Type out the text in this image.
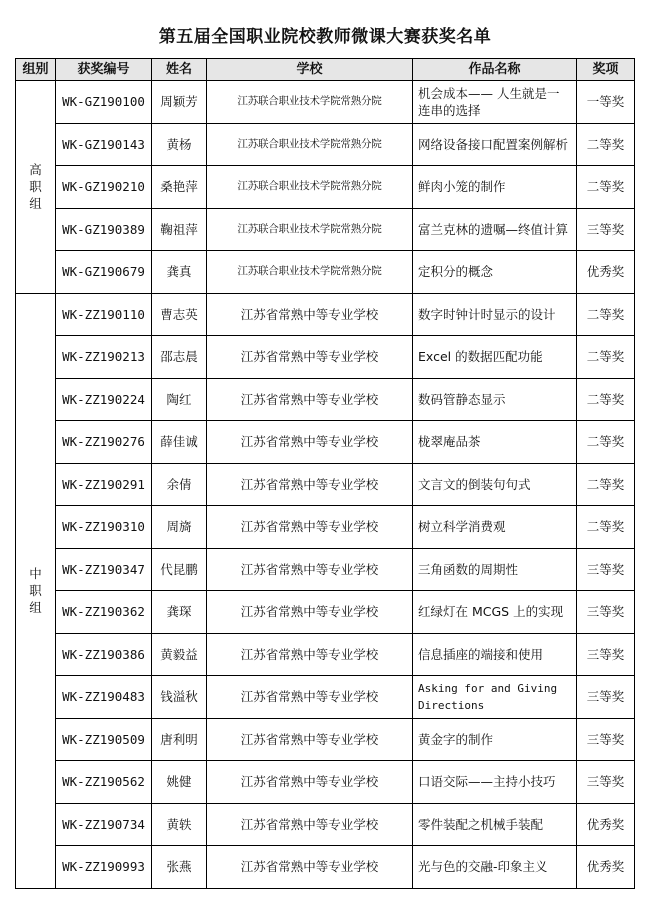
第五届全国职业院校教师微课大赛获奖名单
组别	获奖编号	姓名	学校	作品名称	奖项
高职组	WK-GZ190100	周颖芳	江苏联合职业技术学院常熟分院	机会成本—— 人生就是一连串的选择	一等奖
	WK-GZ190143	黄杨	江苏联合职业技术学院常熟分院	网络设备接口配置案例解析	二等奖
	WK-GZ190210	桑艳萍	江苏联合职业技术学院常熟分院	鲜肉小笼的制作	二等奖
	WK-GZ190389	鞠祖萍	江苏联合职业技术学院常熟分院	富兰克林的遗嘱—终值计算	三等奖
	WK-GZ190679	龚真	江苏联合职业技术学院常熟分院	定积分的概念	优秀奖
中职组	WK-ZZ190110	曹志英	江苏省常熟中等专业学校	数字时钟计时显示的设计	二等奖
	WK-ZZ190213	邵志晨	江苏省常熟中等专业学校	Excel 的数据匹配功能	二等奖
	WK-ZZ190224	陶红	江苏省常熟中等专业学校	数码管静态显示	二等奖
	WK-ZZ190276	薛佳诚	江苏省常熟中等专业学校	栊翠庵品茶	二等奖
	WK-ZZ190291	余倩	江苏省常熟中等专业学校	文言文的倒装句句式	二等奖
	WK-ZZ190310	周旖	江苏省常熟中等专业学校	树立科学消费观	二等奖
	WK-ZZ190347	代昆鹏	江苏省常熟中等专业学校	三角函数的周期性	三等奖
	WK-ZZ190362	龚琛	江苏省常熟中等专业学校	红绿灯在 MCGS 上的实现	三等奖
	WK-ZZ190386	黄毅益	江苏省常熟中等专业学校	信息插座的端接和使用	三等奖
	WK-ZZ190483	钱溢秋	江苏省常熟中等专业学校	Asking for and Giving Directions	三等奖
	WK-ZZ190509	唐利明	江苏省常熟中等专业学校	黄金字的制作	三等奖
	WK-ZZ190562	姚健	江苏省常熟中等专业学校	口语交际——主持小技巧	三等奖
	WK-ZZ190734	黄轶	江苏省常熟中等专业学校	零件装配之机械手装配	优秀奖
	WK-ZZ190993	张燕	江苏省常熟中等专业学校	光与色的交融-印象主义	优秀奖
